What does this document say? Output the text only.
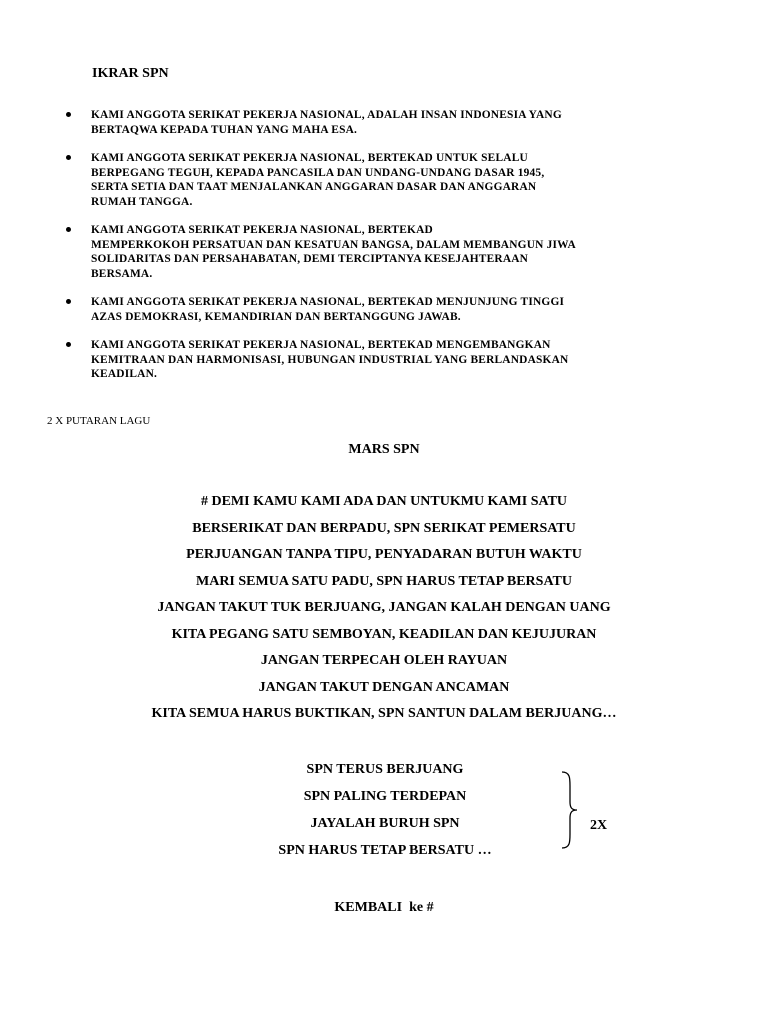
IKRAR SPN
KAMI ANGGOTA SERIKAT PEKERJA NASIONAL, ADALAH INSAN INDONESIA YANG
BERTAQWA KEPADA TUHAN YANG MAHA ESA.
KAMI ANGGOTA SERIKAT PEKERJA NASIONAL, BERTEKAD UNTUK SELALU
BERPEGANG TEGUH, KEPADA PANCASILA DAN UNDANG-UNDANG DASAR 1945,
SERTA SETIA DAN TAAT MENJALANKAN ANGGARAN DASAR DAN ANGGARAN
RUMAH TANGGA.
KAMI ANGGOTA SERIKAT PEKERJA NASIONAL, BERTEKAD
MEMPERKOKOH PERSATUAN DAN KESATUAN BANGSA, DALAM MEMBANGUN JIWA
SOLIDARITAS DAN PERSAHABATAN, DEMI TERCIPTANYA KESEJAHTERAAN
BERSAMA.
KAMI ANGGOTA SERIKAT PEKERJA NASIONAL, BERTEKAD MENJUNJUNG TINGGI
AZAS DEMOKRASI, KEMANDIRIAN DAN BERTANGGUNG JAWAB.
KAMI ANGGOTA SERIKAT PEKERJA NASIONAL, BERTEKAD MENGEMBANGKAN
KEMITRAAN DAN HARMONISASI, HUBUNGAN INDUSTRIAL YANG BERLANDASKAN
KEADILAN.
2 X PUTARAN LAGU
MARS SPN
# DEMI KAMU KAMI ADA DAN UNTUKMU KAMI SATU
BERSERIKAT DAN BERPADU, SPN SERIKAT PEMERSATU
PERJUANGAN TANPA TIPU, PENYADARAN BUTUH WAKTU
MARI SEMUA SATU PADU, SPN HARUS TETAP BERSATU
JANGAN TAKUT TUK BERJUANG, JANGAN KALAH DENGAN UANG
KITA PEGANG SATU SEMBOYAN, KEADILAN DAN KEJUJURAN
JANGAN TERPECAH OLEH RAYUAN
JANGAN TAKUT DENGAN ANCAMAN
KITA SEMUA HARUS BUKTIKAN, SPN SANTUN DALAM BERJUANG…
SPN TERUS BERJUANG
SPN PALING TERDEPAN
JAYALAH BURUH SPN
SPN HARUS TETAP BERSATU …
2X
KEMBALI  ke #
